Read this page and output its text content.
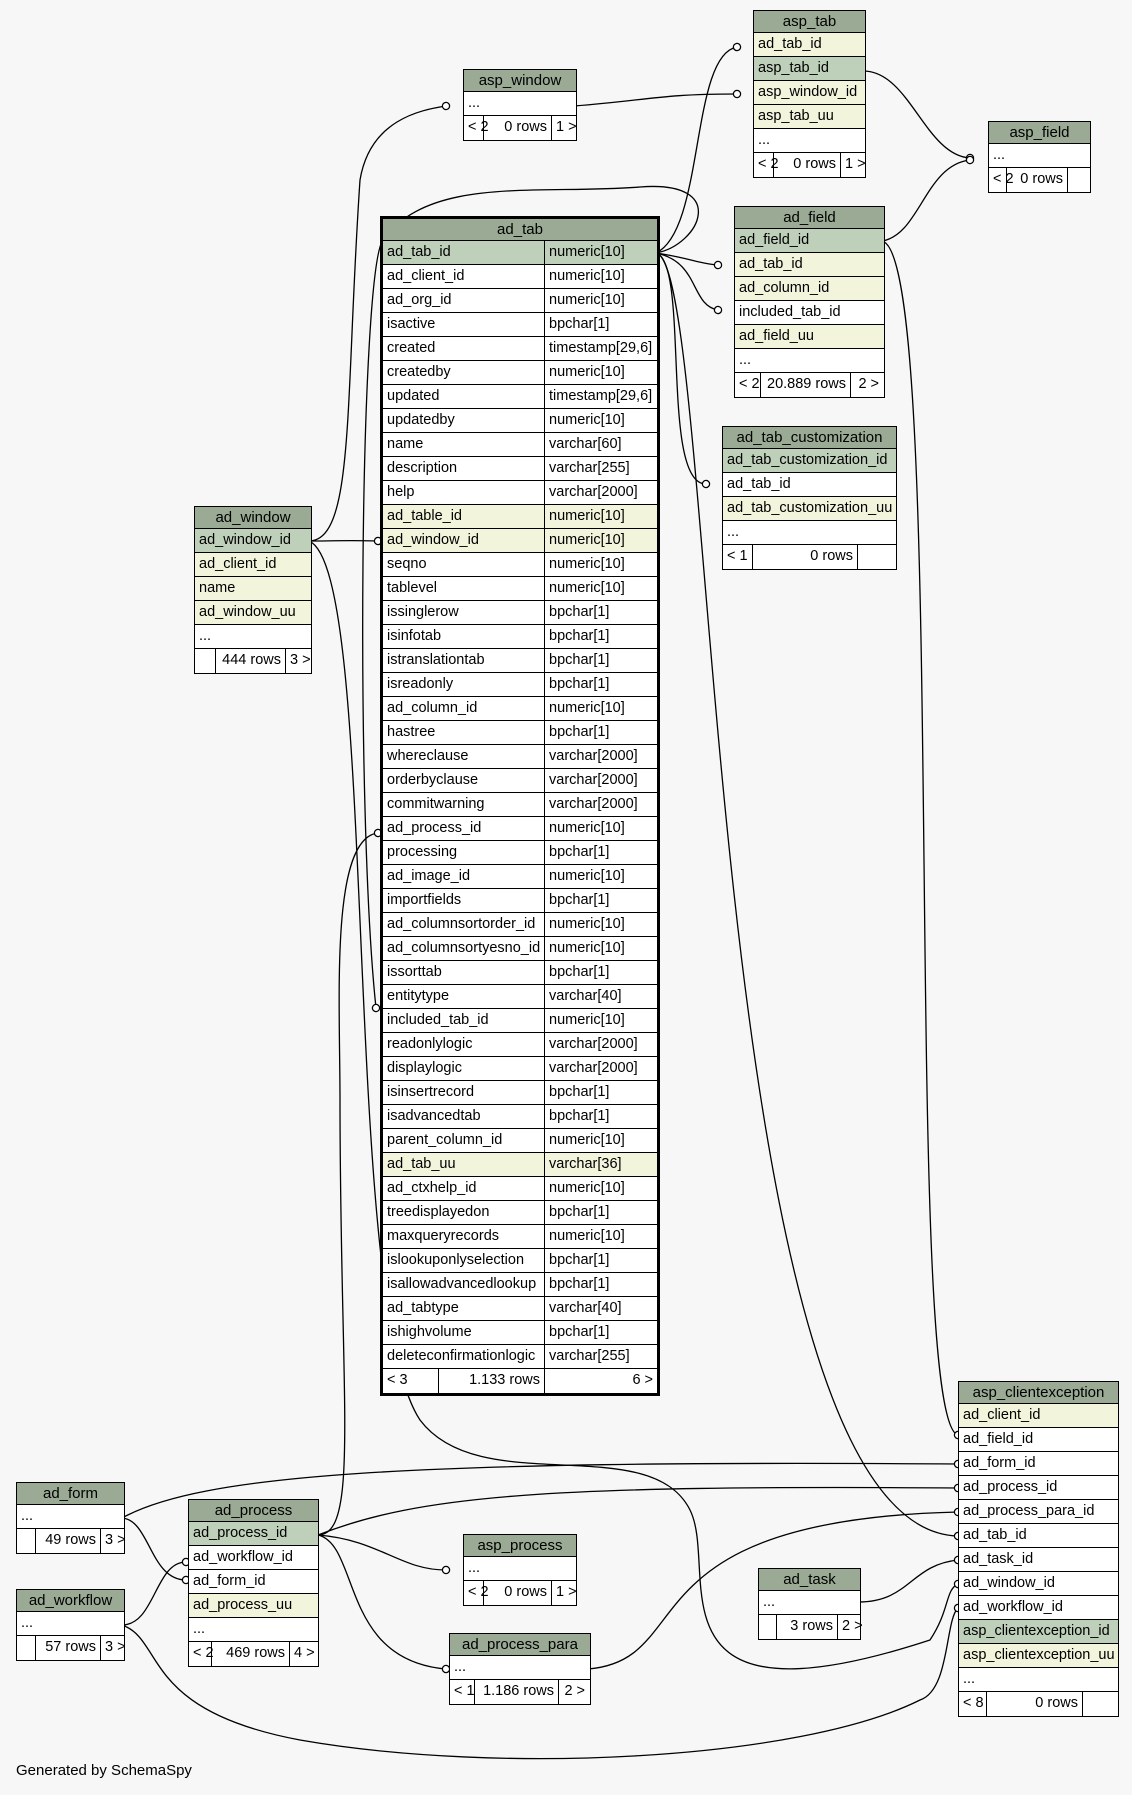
asp_tab
ad_tab_id
asp_tab_id
asp_window_id
asp_tab_uu
...
< 2	0 rows 1 >
asp_window
...
< 2	0 rows 1 >	asp_field
...
< 2 0 rows
ad_field
ad_field_id
ad_tab_id
ad_column_id
included_tab_id
ad_field_uu
...
< 2 20.889 rows 2 >
ad_tab_customization
ad_tab_customization_id
ad_tab_id
ad_tab_customization_uu
...
< 1	0 rows
ad_window
ad_window_id
ad_client_id
name
ad_window_uu
...
444 rows 3 >
ad_tab
ad_tab_id	numeric[10]
ad_client_id	numeric[10]
ad_org_id	numeric[10]
isactive	bpchar[1]
created	timestamp[29,6]
createdby	numeric[10]
updated	timestamp[29,6]
updatedby	numeric[10]
name	varchar[60]
description	varchar[255]
help	varchar[2000]
ad_table_id	numeric[10]
ad_window_id	numeric[10]
seqno	numeric[10]
tablevel	numeric[10]
issinglerow	bpchar[1]
isinfotab	bpchar[1]
istranslationtab	bpchar[1]
isreadonly	bpchar[1]
ad_column_id	numeric[10]
hastree	bpchar[1]
whereclause	varchar[2000]
orderbyclause	varchar[2000]
commitwarning	varchar[2000]
ad_process_id	numeric[10]
processing	bpchar[1]
ad_image_id	numeric[10]
importfields	bpchar[1]
ad_columnsortorder_id numeric[10]
ad_columnsortyesno_id numeric[10]
issorttab	bpchar[1]
entitytype	varchar[40]
included_tab_id	numeric[10]
readonlylogic	varchar[2000]
displaylogic	varchar[2000]
isinsertrecord	bpchar[1]
isadvancedtab	bpchar[1]
parent_column_id	numeric[10]
ad_tab_uu	varchar[36]
ad_ctxhelp_id	numeric[10]
treedisplayedon	bpchar[1]
maxqueryrecords	numeric[10]
islookuponlyselection	bpchar[1]
isallowadvancedlookup bpchar[1]
ad_tabtype	varchar[40]
ishighvolume	bpchar[1]
deleteconfirmationlogic varchar[255]
< 3	1.133 rows	6 >
ad_form
...
49 rows 3 >
ad_workflow
...
57 rows 3 >
ad_process
ad_process_id
ad_workflow_id
ad_form_id
ad_process_uu
...
< 2 469 rows 4 >
asp_process
...
< 2	0 rows 1 >
ad_process_para
...
< 1 1.186 rows 2 >
ad_task
...
3 rows 2 >
asp_clientexception
ad_client_id
ad_field_id
ad_form_id
ad_process_id
ad_process_para_id
ad_tab_id
ad_task_id
ad_window_id
ad_workflow_id
asp_clientexception_id
asp_clientexception_uu
...
< 8	0 rows
Generated by SchemaSpy
